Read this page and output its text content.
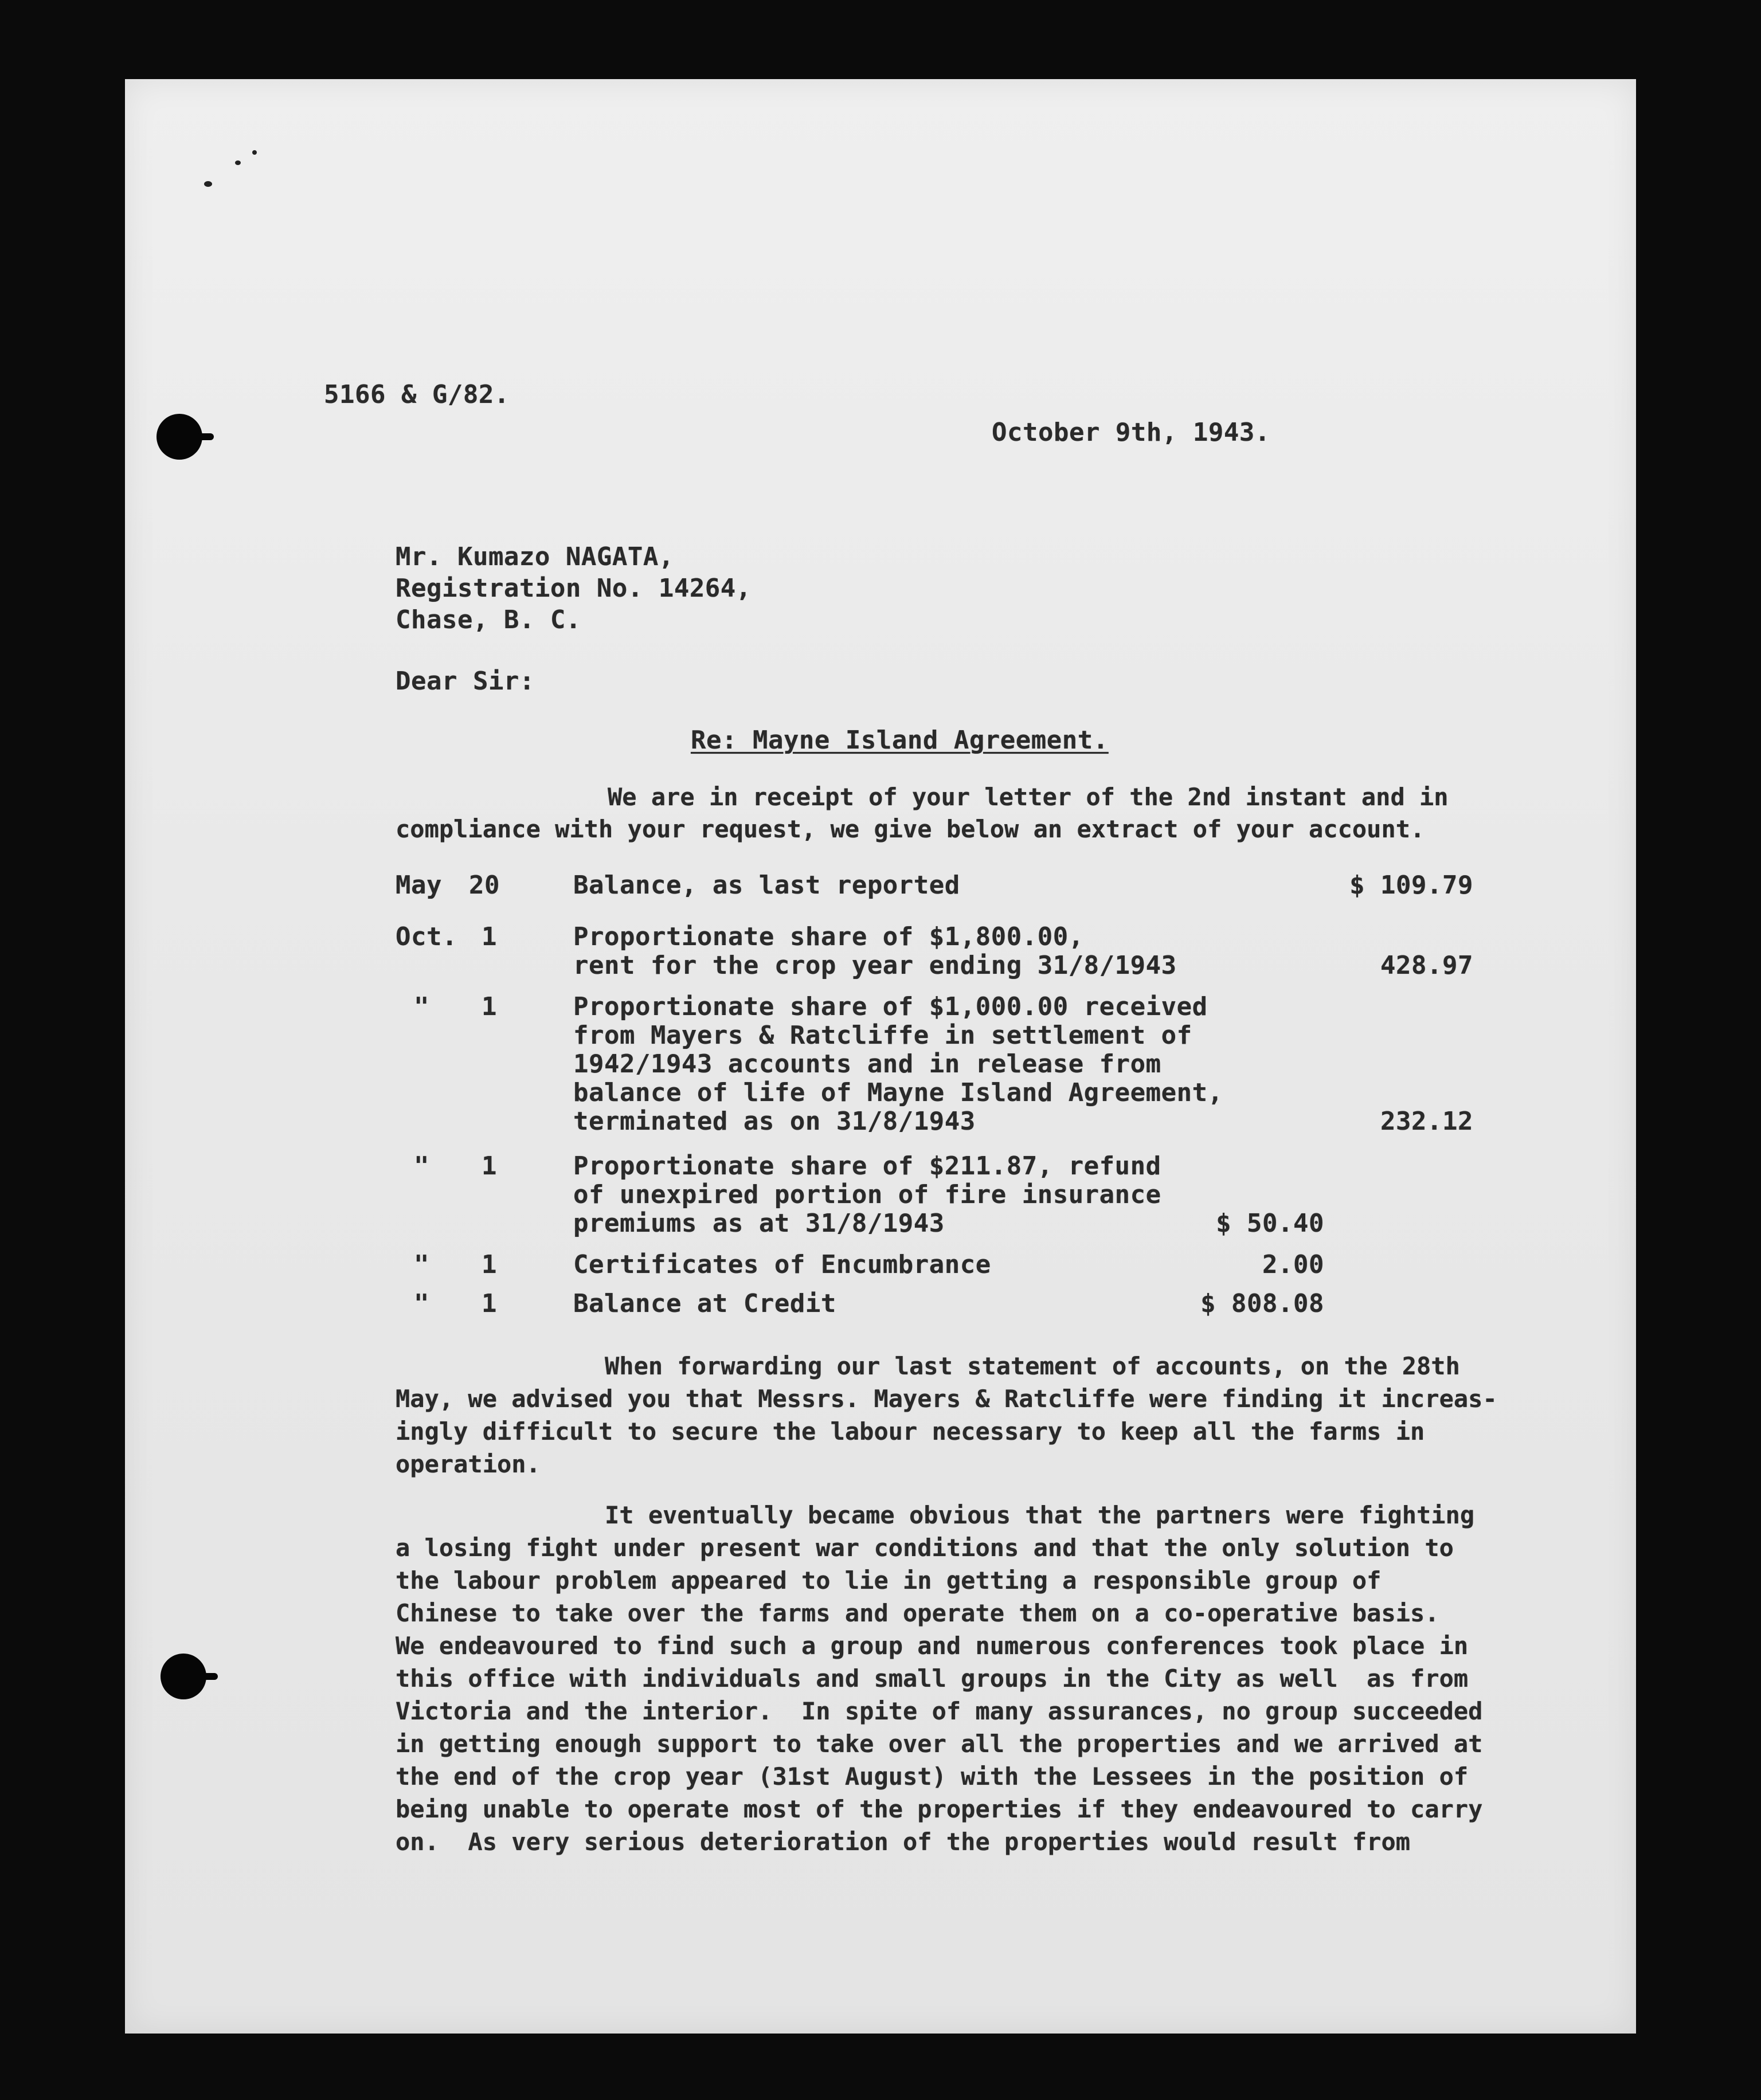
5166 & G/82.
October 9th, 1943.
Mr. Kumazo NAGATA,
Registration No. 14264,
Chase, B. C.
Dear Sir:
Re: Mayne Island Agreement.
We are in receipt of your letter of the 2nd instant and in
compliance with your request, we give below an extract of your account.
May 20	Balance, as last reported	$ 109.79
Oct. 1	Proportionate share of $1,800.00,
rent for the crop year ending 31/8/1943	428.97
" 1	Proportionate share of $1,000.00 received
from Mayers & Ratcliffe in settlement of
1942/1943 accounts and in release from
balance of life of Mayne Island Agreement,
terminated as on 31/8/1943	232.12
" 1	Proportionate share of $211.87, refund
of unexpired portion of fire insurance
premiums as at 31/8/1943	$ 50.40
" 1	Certificates of Encumbrance	2.00
" 1	Balance at Credit	$ 808.08
When forwarding our last statement of accounts, on the 28th
May, we advised you that Messrs. Mayers & Ratcliffe were finding it increas-
ingly difficult to secure the labour necessary to keep all the farms in
operation.
It eventually became obvious that the partners were fighting
a losing fight under present war conditions and that the only solution to
the labour problem appeared to lie in getting a responsible group of
Chinese to take over the farms and operate them on a co-operative basis.
We endeavoured to find such a group and numerous conferences took place in
this office with individuals and small groups in the City as well  as from
Victoria and the interior.  In spite of many assurances, no group succeeded
in getting enough support to take over all the properties and we arrived at
the end of the crop year (31st August) with the Lessees in the position of
being unable to operate most of the properties if they endeavoured to carry
on.  As very serious deterioration of the properties would result from
